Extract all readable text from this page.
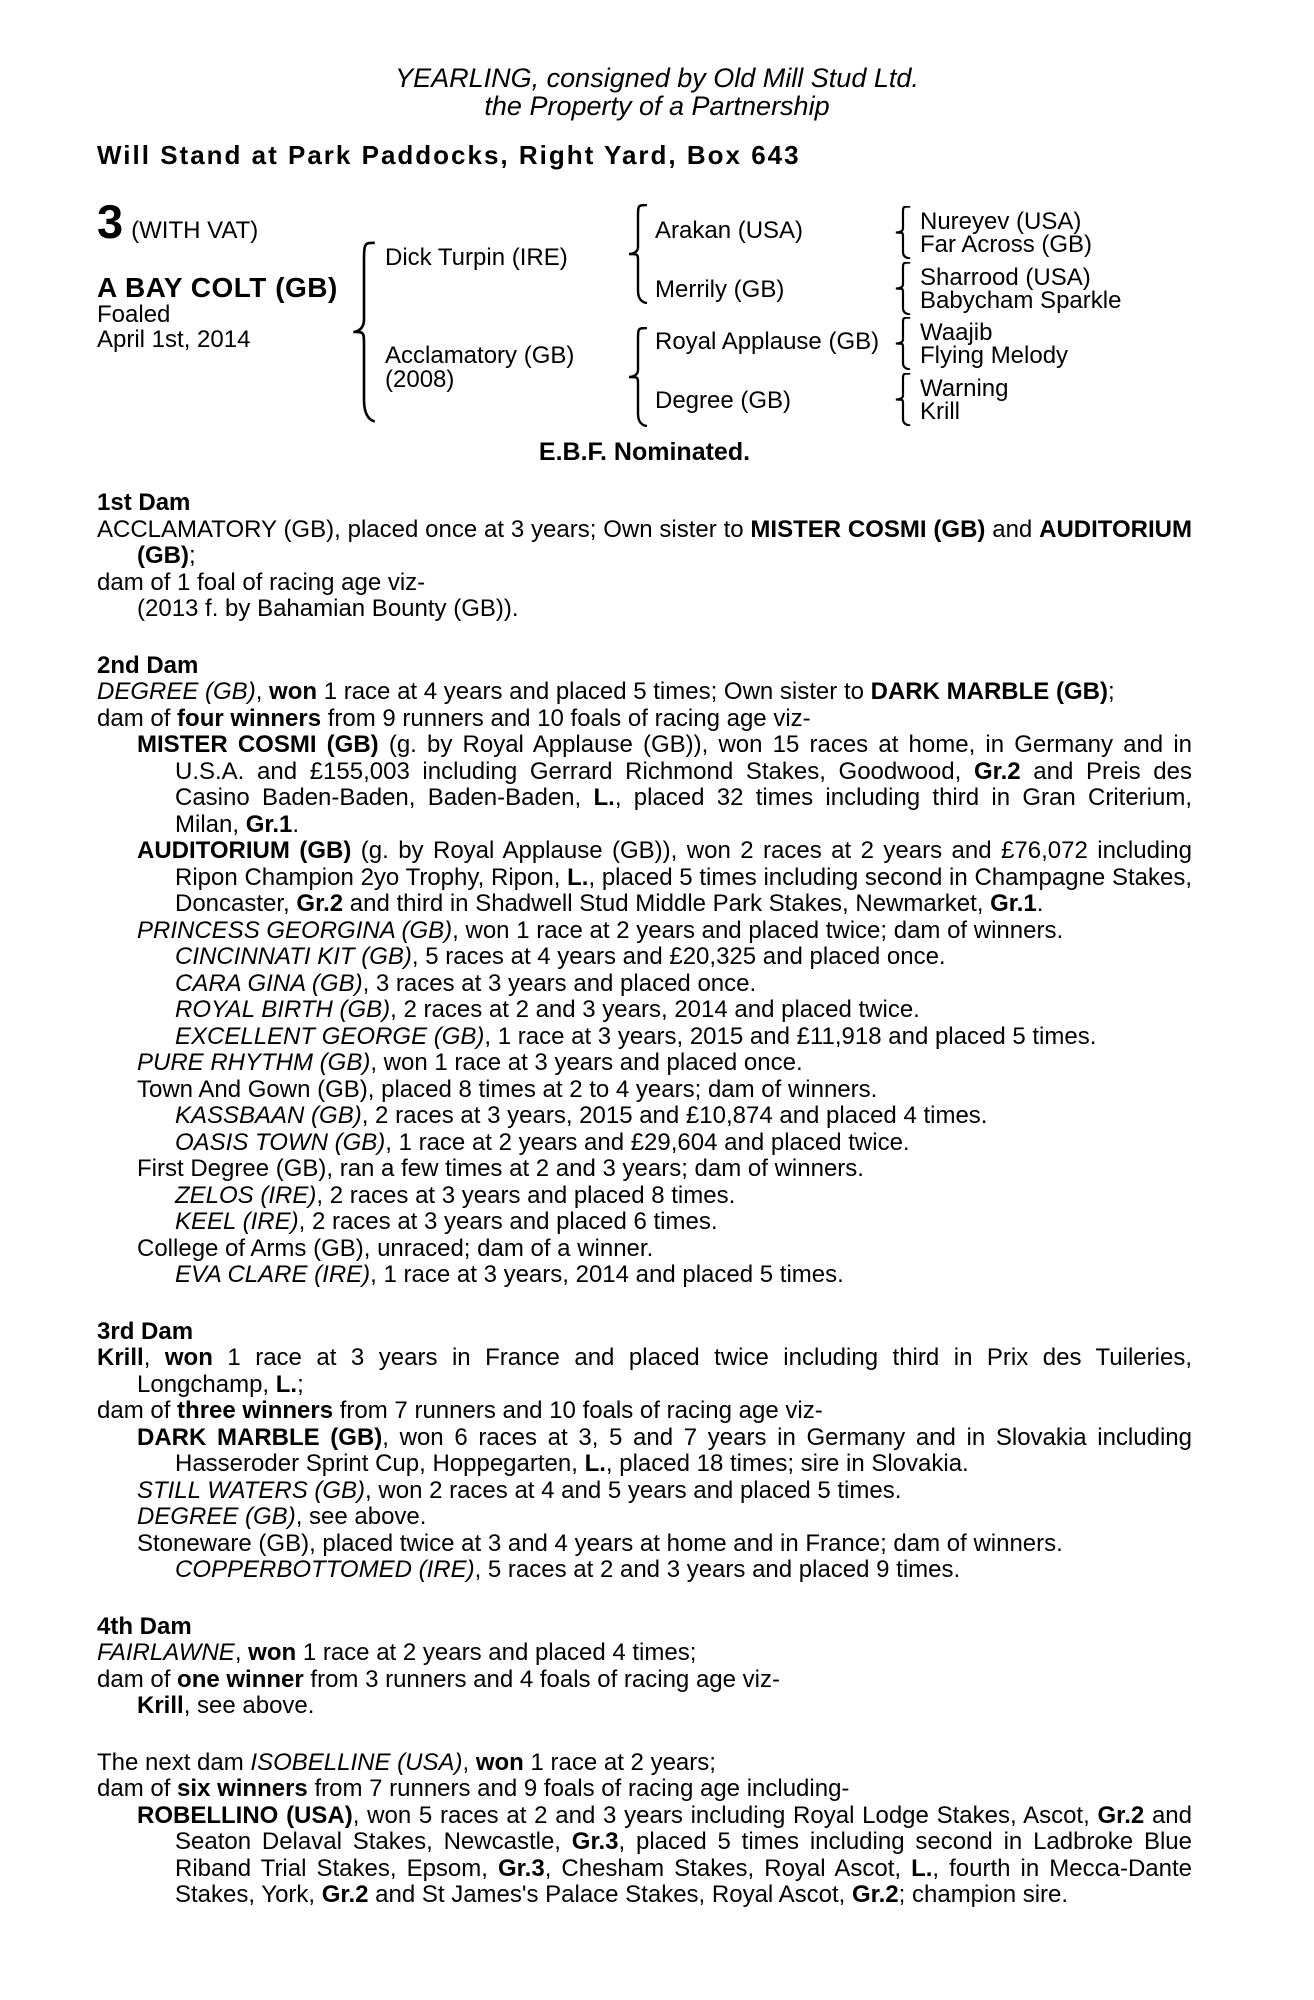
YEARLING, consigned by Old Mill Stud Ltd.
the Property of a Partnership
Will Stand at Park Paddocks, Right Yard, Box 643
3 (WITH VAT)
A BAY COLT (GB)
Foaled
April 1st, 2014
Dick Turpin (IRE)
Acclamatory (GB)
(2008)
Arakan (USA)
Merrily (GB)
Royal Applause (GB)
Degree (GB)
Nureyev (USA)
Far Across (GB)
Sharrood (USA)
Babycham Sparkle
Waajib
Flying Melody
Warning
Krill
E.B.F. Nominated.
1st Dam
ACCLAMATORY (GB), placed once at 3 years; Own sister to MISTER COSMI (GB) and AUDITORIUM (GB);
dam of 1 foal of racing age viz-
(2013 f. by Bahamian Bounty (GB)).
2nd Dam
DEGREE (GB), won 1 race at 4 years and placed 5 times; Own sister to DARK MARBLE (GB);
dam of four winners from 9 runners and 10 foals of racing age viz-
MISTER COSMI (GB) (g. by Royal Applause (GB)), won 15 races at home, in Germany and in U.S.A. and £155,003 including Gerrard Richmond Stakes, Goodwood, Gr.2 and Preis des Casino Baden-Baden, Baden-Baden, L., placed 32 times including third in Gran Criterium, Milan, Gr.1.
AUDITORIUM (GB) (g. by Royal Applause (GB)), won 2 races at 2 years and £76,072 including Ripon Champion 2yo Trophy, Ripon, L., placed 5 times including second in Champagne Stakes, Doncaster, Gr.2 and third in Shadwell Stud Middle Park Stakes, Newmarket, Gr.1.
PRINCESS GEORGINA (GB), won 1 race at 2 years and placed twice; dam of winners.
CINCINNATI KIT (GB), 5 races at 4 years and £20,325 and placed once.
CARA GINA (GB), 3 races at 3 years and placed once.
ROYAL BIRTH (GB), 2 races at 2 and 3 years, 2014 and placed twice.
EXCELLENT GEORGE (GB), 1 race at 3 years, 2015 and £11,918 and placed 5 times.
PURE RHYTHM (GB), won 1 race at 3 years and placed once.
Town And Gown (GB), placed 8 times at 2 to 4 years; dam of winners.
KASSBAAN (GB), 2 races at 3 years, 2015 and £10,874 and placed 4 times.
OASIS TOWN (GB), 1 race at 2 years and £29,604 and placed twice.
First Degree (GB), ran a few times at 2 and 3 years; dam of winners.
ZELOS (IRE), 2 races at 3 years and placed 8 times.
KEEL (IRE), 2 races at 3 years and placed 6 times.
College of Arms (GB), unraced; dam of a winner.
EVA CLARE (IRE), 1 race at 3 years, 2014 and placed 5 times.
3rd Dam
Krill, won 1 race at 3 years in France and placed twice including third in Prix des Tuileries, Longchamp, L.;
dam of three winners from 7 runners and 10 foals of racing age viz-
DARK MARBLE (GB), won 6 races at 3, 5 and 7 years in Germany and in Slovakia including Hasseroder Sprint Cup, Hoppegarten, L., placed 18 times; sire in Slovakia.
STILL WATERS (GB), won 2 races at 4 and 5 years and placed 5 times.
DEGREE (GB), see above.
Stoneware (GB), placed twice at 3 and 4 years at home and in France; dam of winners.
COPPERBOTTOMED (IRE), 5 races at 2 and 3 years and placed 9 times.
4th Dam
FAIRLAWNE, won 1 race at 2 years and placed 4 times;
dam of one winner from 3 runners and 4 foals of racing age viz-
Krill, see above.
The next dam ISOBELLINE (USA), won 1 race at 2 years;
dam of six winners from 7 runners and 9 foals of racing age including-
ROBELLINO (USA), won 5 races at 2 and 3 years including Royal Lodge Stakes, Ascot, Gr.2 and Seaton Delaval Stakes, Newcastle, Gr.3, placed 5 times including second in Ladbroke Blue Riband Trial Stakes, Epsom, Gr.3, Chesham Stakes, Royal Ascot, L., fourth in Mecca-Dante Stakes, York, Gr.2 and St James's Palace Stakes, Royal Ascot, Gr.2; champion sire.
